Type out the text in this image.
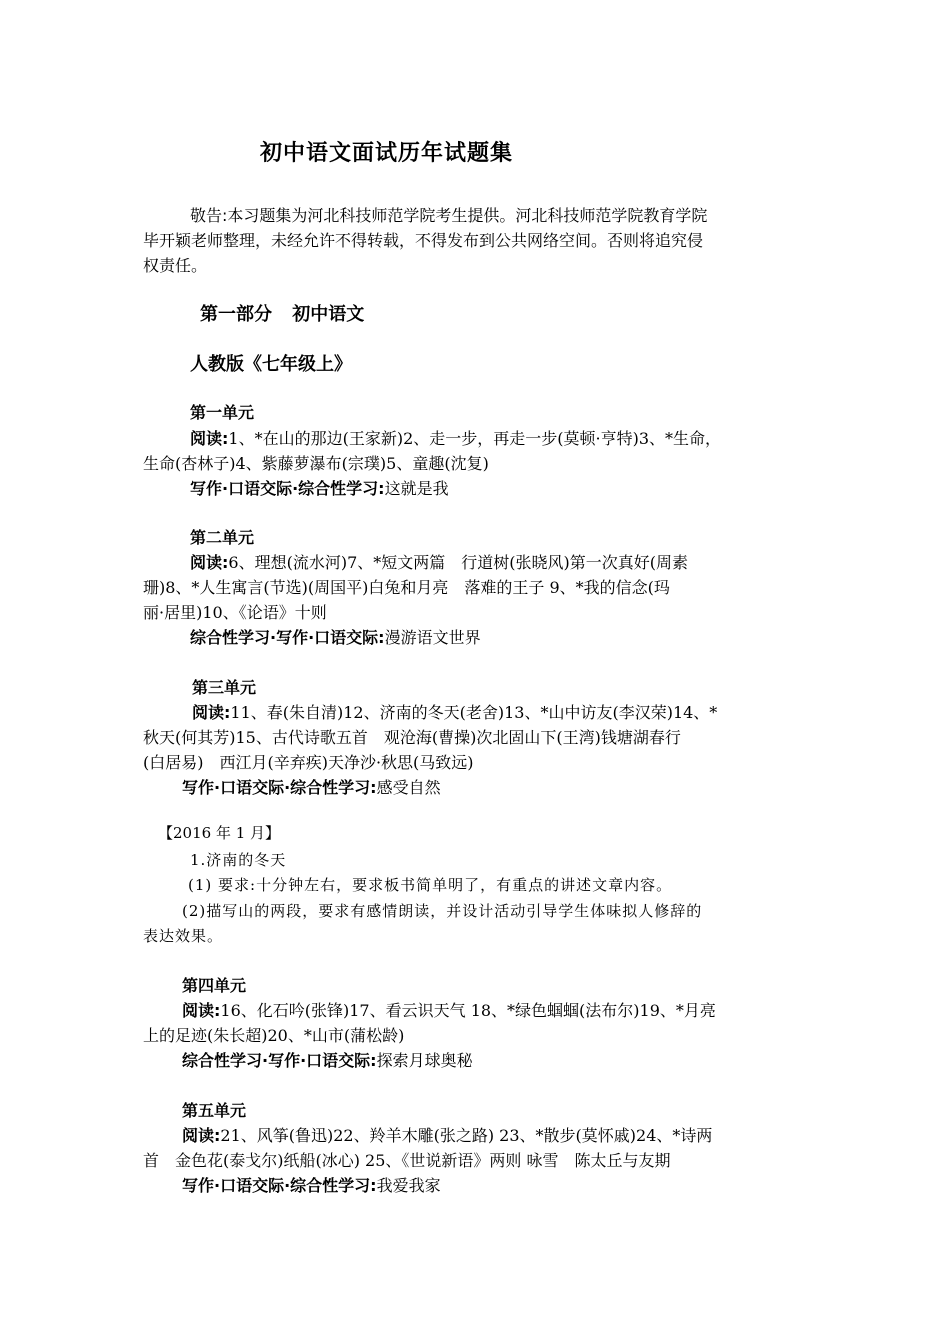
初中语文面试历年试题集
敬告:本习题集为河北科技师范学院考生提供。河北科技师范学院教育学院
毕开颖老师整理，未经允许不得转载，不得发布到公共网络空间。否则将追究侵
权责任。
第一部分 初中语文
人教版《七年级上》
第一单元
阅读:1、*在山的那边(王家新)2、走一步，再走一步(莫顿·亨特)3、*生命，
生命(杏林子)4、紫藤萝瀑布(宗璞)5、童趣(沈复)
写作·口语交际·综合性学习:这就是我
第二单元
阅读:6、理想(流水河)7、*短文两篇　行道树(张晓风)第一次真好(周素
珊)8、*人生寓言(节选)(周国平)白兔和月亮　落难的王子 9、*我的信念(玛
丽·居里)10、《论语》十则
综合性学习·写作·口语交际:漫游语文世界
第三单元
阅读:11、春(朱自清)12、济南的冬天(老舍)13、*山中访友(李汉荣)14、*
秋天(何其芳)15、古代诗歌五首　观沧海(曹操)次北固山下(王湾)钱塘湖春行
(白居易)　西江月(辛弃疾)天净沙·秋思(马致远)
写作·口语交际·综合性学习:感受自然
【2016 年 1 月】
1.济南的冬天
(1) 要求:十分钟左右，要求板书简单明了，有重点的讲述文章内容。
(2)描写山的两段，要求有感情朗读，并设计活动引导学生体味拟人修辞的
表达效果。
第四单元
阅读:16、化石吟(张锋)17、看云识天气 18、*绿色蝈蝈(法布尔)19、*月亮
上的足迹(朱长超)20、*山市(蒲松龄)
综合性学习·写作·口语交际:探索月球奥秘
第五单元
阅读:21、风筝(鲁迅)22、羚羊木雕(张之路) 23、*散步(莫怀戚)24、*诗两
首　金色花(泰戈尔)纸船(冰心) 25、《世说新语》两则 咏雪　陈太丘与友期
写作·口语交际·综合性学习:我爱我家
